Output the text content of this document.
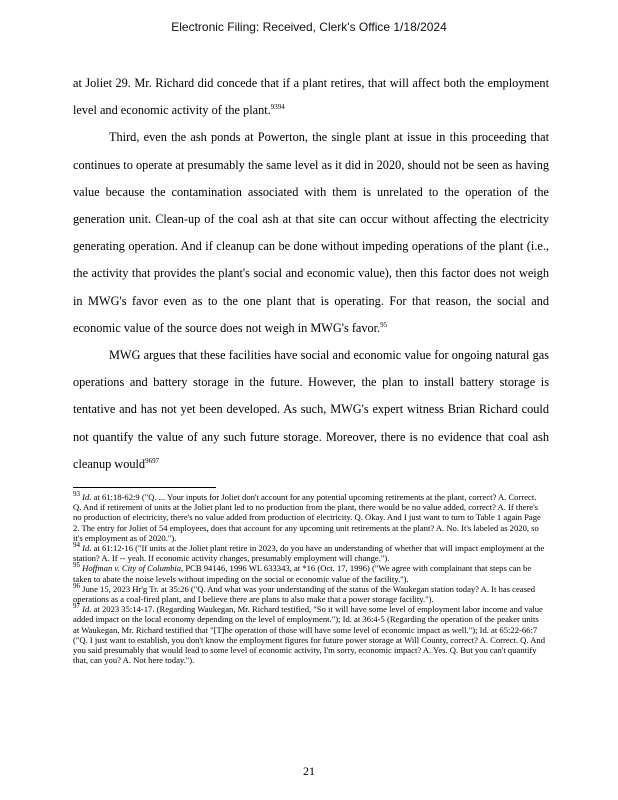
Electronic Filing: Received, Clerk's Office 1/18/2024

at Joliet 29. Mr. Richard did concede that if a plant retires, that will affect both the employment level and economic activity of the plant.$^{9394}$

Third, even the ash ponds at Powerton, the single plant at issue in this proceeding that continues to operate at presumably the same level as it did in 2020, should not be seen as having value because the contamination associated with them is unrelated to the operation of the generation unit. Clean-up of the coal ash at that site can occur without affecting the electricity generating operation. And if cleanup can be done without impeding operations of the plant (i.e., the activity that provides the plant's social and economic value), then this factor does not weigh in MWG's favor even as to the one plant that is operating. For that reason, the social and economic value of the source does not weigh in MWG's favor.$^{95}$

MWG argues that these facilities have social and economic value for ongoing natural gas operations and battery storage in the future. However, the plan to install battery storage is tentative and has not yet been developed. As such, MWG's expert witness Brian Richard could not quantify the value of any such future storage. Moreover, there is no evidence that coal ash cleanup would$^{9697}$

$^{93}$ Id. at 61:18-62:9 ("Q. ... Your inputs for Joliet don't account for any potential upcoming retirements at the plant, correct? A. Correct. Q. And if retirement of units at the Joliet plant led to no production from the plant, there would be no value added, correct? A. If there's no production of electricity, there's no value added from production of electricity. Q. Okay. And I just want to turn to Table 1 again Page 2. The entry for Joliet of 54 employees, does that account for any upcoming unit retirements at the plant? A. No. It's labeled as 2020, so it's employment as of 2020.").

$^{94}$ Id. at 61:12-16 ("If units at the Joliet plant retire in 2023, do you have an understanding of whether that will impact employment at the station? A. If -- yeah. If economic activity changes, presumably employment will change.").

$^{95}$ Hoffman v. City of Columbia, PCB 94146, 1996 WL 633343, at *16 (Oct. 17, 1996) ("We agree with complainant that steps can be taken to abate the noise levels without impeding on the social or economic value of the facility.").

$^{96}$ June 15, 2023 Hr'g Tr. at 35:26 ("Q. And what was your understanding of the status of the Waukegan station today? A. It has ceased operations as a coal-fired plant, and I believe there are plans to also make that a power storage facility.").

$^{97}$ Id. at 2023 35:14-17. (Regarding Waukegan, Mr. Richard testified, "So it will have some level of employment labor income and value added impact on the local economy depending on the level of employment."); Id. at 36:4-5 (Regarding the operation of the peaker units at Waukegan, Mr. Richard testified that "[T]he operation of those will have some level of economic impact as well."); Id. at 65:22-66:7 ("Q. I just want to establish, you don't know the employment figures for future power storage at Will County, correct? A. Correct. Q. And you said presumably that would lead to some level of economic activity, I'm sorry, economic impact? A. Yes. Q. But you can't quantify that, can you? A. Not here today.").

21
